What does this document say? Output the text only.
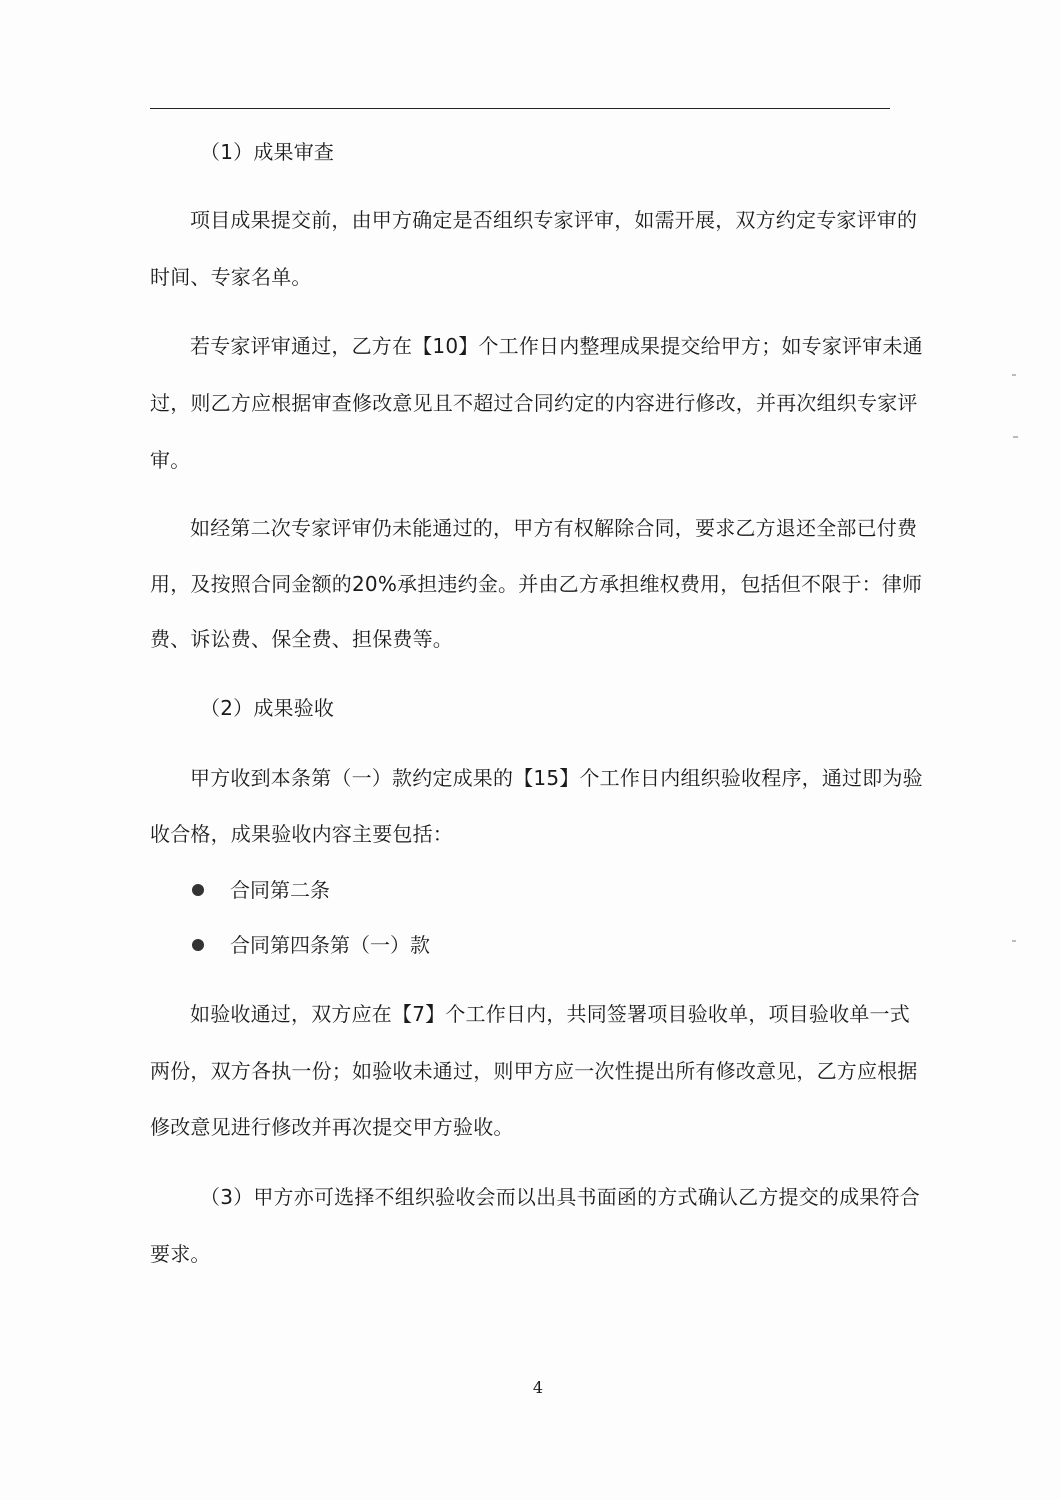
（1）成果审查
项目成果提交前，由甲方确定是否组织专家评审，如需开展，双方约定专家评审的
时间、专家名单。
若专家评审通过，乙方在【10】个工作日内整理成果提交给甲方；如专家评审未通
过，则乙方应根据审查修改意见且不超过合同约定的内容进行修改，并再次组织专家评
审。
如经第二次专家评审仍未能通过的，甲方有权解除合同，要求乙方退还全部已付费
用，及按照合同金额的20%承担违约金。并由乙方承担维权费用，包括但不限于：律师
费、诉讼费、保全费、担保费等。
（2）成果验收
甲方收到本条第（一）款约定成果的【15】个工作日内组织验收程序，通过即为验
收合格，成果验收内容主要包括：
合同第二条
合同第四条第（一）款
如验收通过，双方应在【7】个工作日内，共同签署项目验收单，项目验收单一式
两份，双方各执一份；如验收未通过，则甲方应一次性提出所有修改意见，乙方应根据
修改意见进行修改并再次提交甲方验收。
（3）甲方亦可选择不组织验收会而以出具书面函的方式确认乙方提交的成果符合
要求。
4
